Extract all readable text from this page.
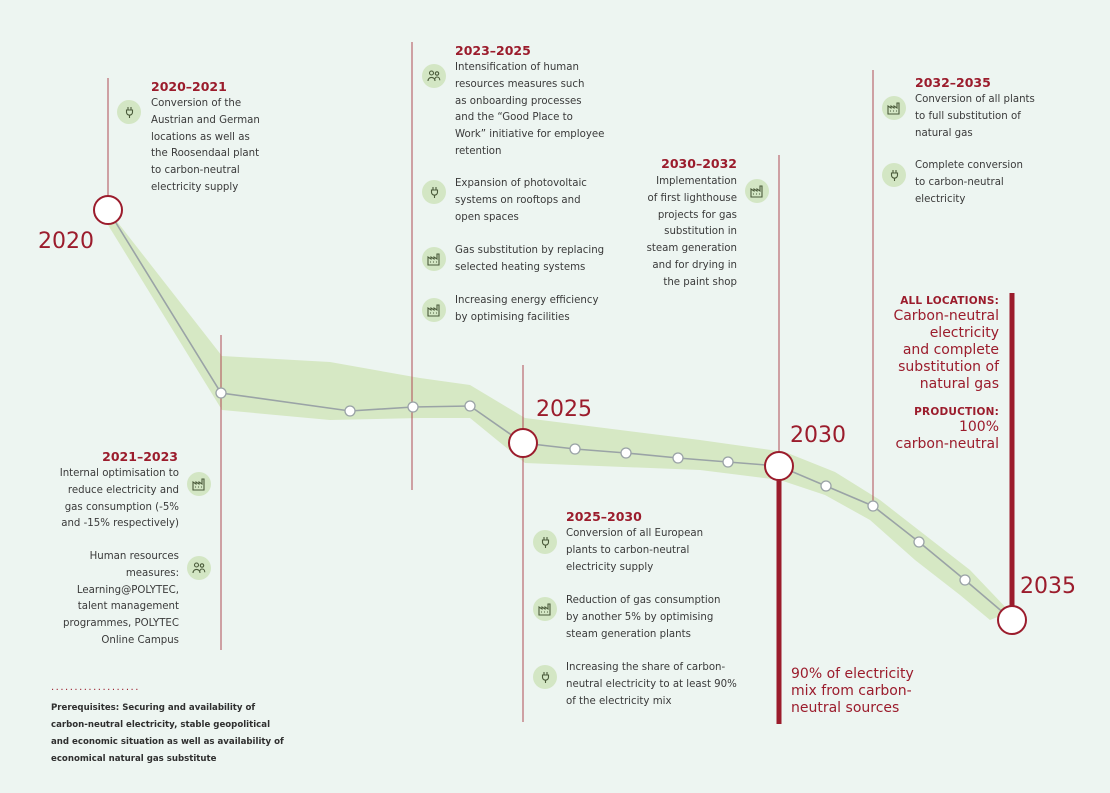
2020
2025
2030
2035
2020–2021
Conversion of the
Austrian and German
locations as well as
the Roosendaal plant
to carbon-neutral
electricity supply
2021–2023
Internal optimisation to
reduce electricity and
gas consumption (-5%
and -15% respectively)
Human resources
measures:
Learning@POLYTEC,
talent management
programmes, POLYTEC
Online Campus
2023–2025
Intensification of human
resources measures such
as onboarding processes
and the “Good Place to
Work” initiative for employee
retention
Expansion of photovoltaic
systems on rooftops and
open spaces
Gas substitution by replacing
selected heating systems
Increasing energy efficiency
by optimising facilities
2025–2030
Conversion of all European
plants to carbon-neutral
electricity supply
Reduction of gas consumption
by another 5% by optimising
steam generation plants
Increasing the share of carbon-
neutral electricity to at least 90%
of the electricity mix
2030–2032
Implementation
of first lighthouse
projects for gas
substitution in
steam generation
and for drying in
the paint shop
2032–2035
Conversion of all plants
to full substitution of
natural gas
Complete conversion
to carbon-neutral
electricity
ALL LOCATIONS:
Carbon-neutral
electricity
and complete
substitution of
natural gas
PRODUCTION:
100%
carbon-neutral
90% of electricity
mix from carbon-
neutral sources
...................
Prerequisites: Securing and availability of
carbon-neutral electricity, stable geopolitical
and economic situation as well as availability of
economical natural gas substitute
